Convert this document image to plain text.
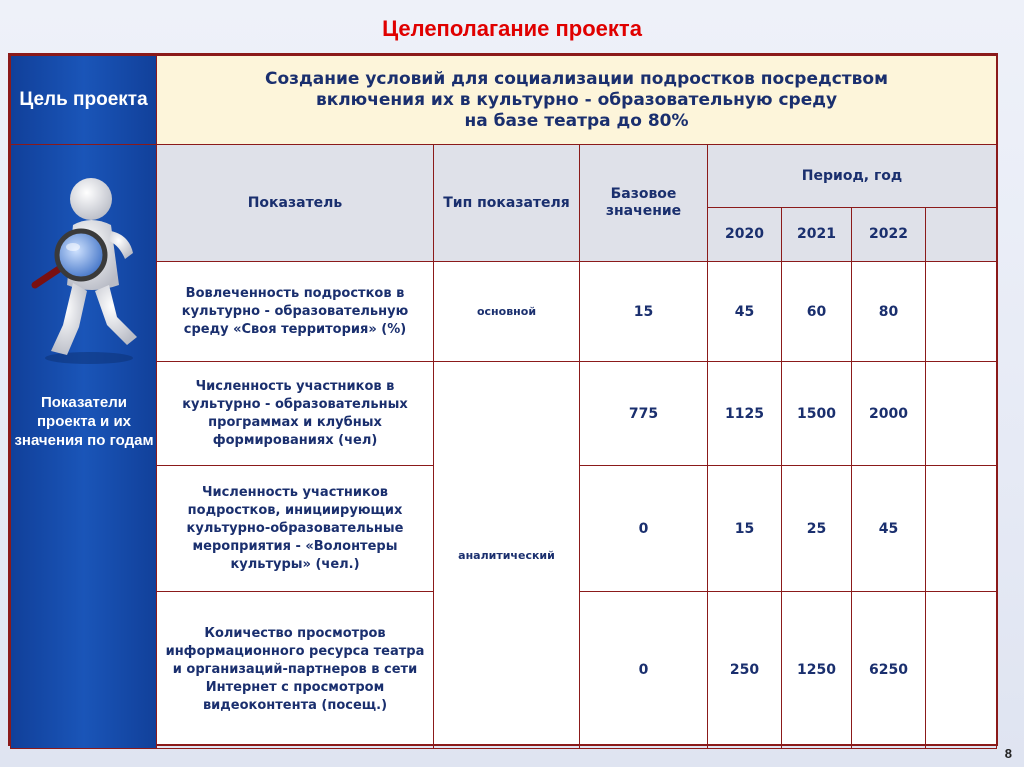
Целеполагание проекта
Цель проекта	Создание условий для социализации подростков посредством
включения их в культурно - образовательную среду
на базе театра до 80%						

Показатели проекта и их значения по годам	Показатель	Тип показателя	Базовое значение	Период, год			
				2020	2021	2022	
	Вовлеченность подростков в культурно - образовательную среду «Своя территория» (%)	основной	15	45	60	80	
	Численность участников в культурно - образовательных программах и клубных формированиях (чел)	аналитический	775	1125	1500	2000	
	Численность участников подростков, инициирующих культурно-образовательные мероприятия - «Волонтеры культуры» (чел.)		0	15	25	45	
	Количество просмотров информационного ресурса театра и организаций-партнеров в сети Интернет с просмотром видеоконтента (посещ.)		0	250	1250	6250	
8
